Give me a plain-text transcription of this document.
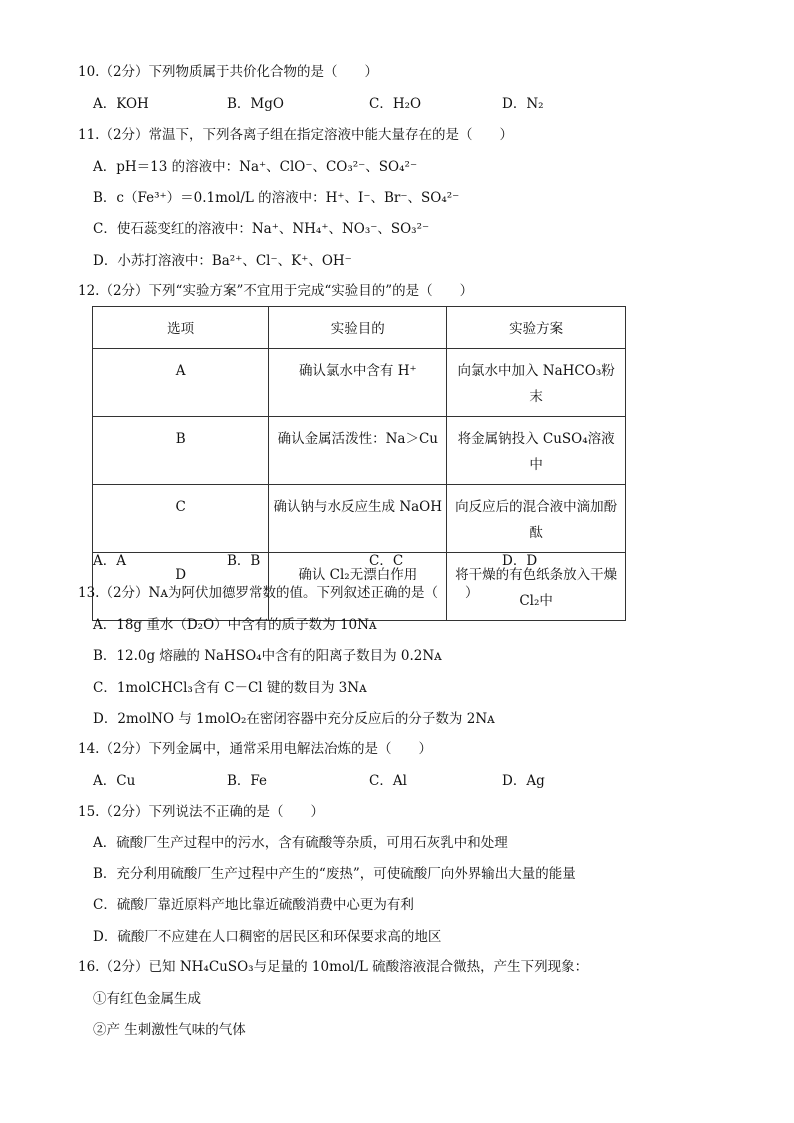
10.（2分）下列物质属于共价化合物的是（　　）
A．KOH	B．MgO	C．H₂O	D．N₂
11.（2分）常温下，下列各离子组在指定溶液中能大量存在的是（　　）
A．pH＝13 的溶液中：Na⁺、ClO⁻、CO₃²⁻、SO₄²⁻
B．c（Fe³⁺）＝0.1mol/L 的溶液中：H⁺、I⁻、Br⁻、SO₄²⁻
C．使石蕊变红的溶液中：Na⁺、NH₄⁺、NO₃⁻、SO₃²⁻
D．小苏打溶液中：Ba²⁺、Cl⁻、K⁺、OH⁻
12.（2分）下列“实验方案”不宜用于完成“实验目的”的是（　　）
选项	实验目的	实验方案
A	确认氯水中含有 H⁺	向氯水中加入 NaHCO₃粉末
B	确认金属活泼性：Na＞Cu	将金属钠投入 CuSO₄溶液中
C	确认钠与水反应生成 NaOH	向反应后的混合液中滴加酚酞
D	确认 Cl₂无漂白作用	将干燥的有色纸条放入干燥 Cl₂中
A．A	B．B	C．C	D．D
13.（2分）Nᴀ为阿伏加德罗常数的值。下列叙述正确的是（　　）
A．18g 重水（D₂O）中含有的质子数为 10Nᴀ
B．12.0g 熔融的 NaHSO₄中含有的阳离子数目为 0.2Nᴀ
C．1molCHCl₃含有 C－Cl 键的数目为 3Nᴀ
D．2molNO 与 1molO₂在密闭容器中充分反应后的分子数为 2Nᴀ
14.（2分）下列金属中，通常采用电解法冶炼的是（　　）
A．Cu	B．Fe	C．Al	D．Ag
15.（2分）下列说法不正确的是（　　）
A．硫酸厂生产过程中的污水，含有硫酸等杂质，可用石灰乳中和处理
B．充分利用硫酸厂生产过程中产生的“废热”，可使硫酸厂向外界输出大量的能量
C．硫酸厂靠近原料产地比靠近硫酸消费中心更为有利
D．硫酸厂不应建在人口稠密的居民区和环保要求高的地区
16.（2分）已知 NH₄CuSO₃与足量的 10mol/L 硫酸溶液混合微热，产生下列现象：
①有红色金属生成
②产 生刺激性气味的气体
